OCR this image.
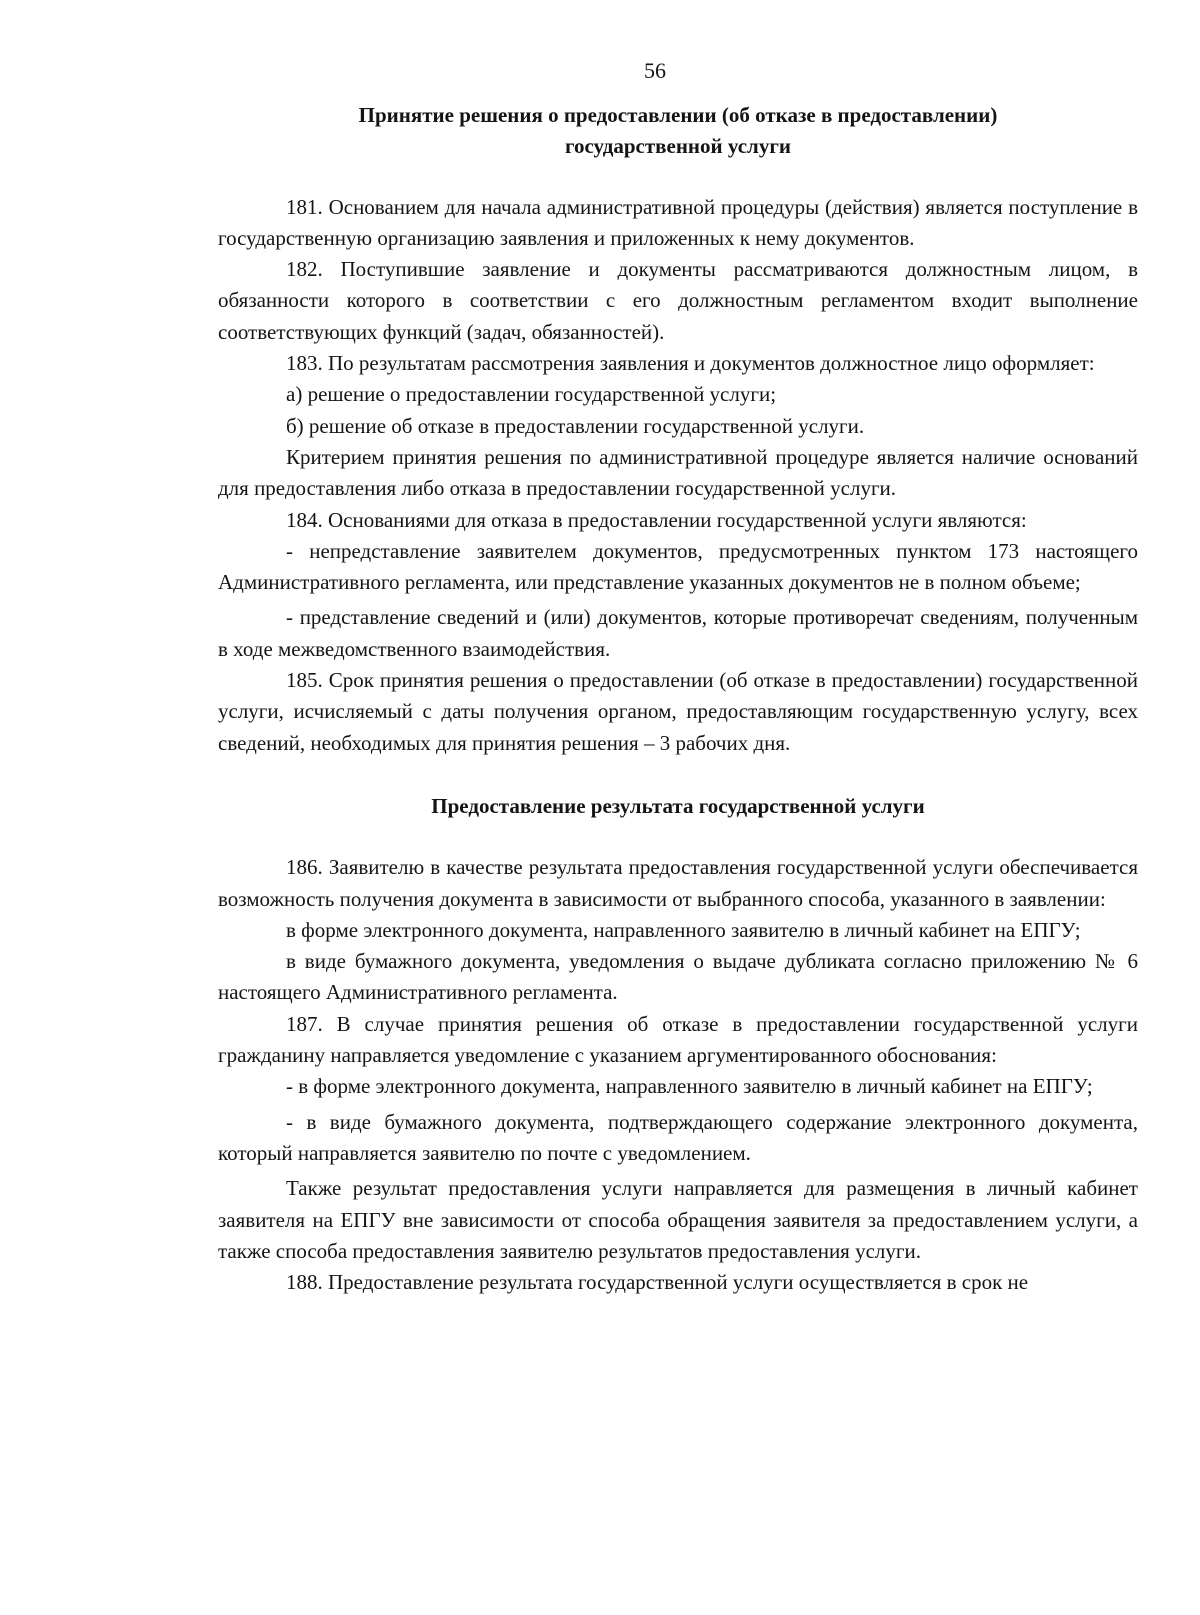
56
Принятие решения о предоставлении (об отказе в предоставлении)
государственной услуги

181. Основанием для начала административной процедуры (действия) является поступление в государственную организацию заявления и приложенных к нему документов.

182. Поступившие заявление и документы рассматриваются должностным лицом, в обязанности которого в соответствии с его должностным регламентом входит выполнение соответствующих функций (задач, обязанностей).

183. По результатам рассмотрения заявления и документов должностное лицо оформляет:

а) решение о предоставлении государственной услуги;

б) решение об отказе в предоставлении государственной услуги.

Критерием принятия решения по административной процедуре является наличие оснований для предоставления либо отказа в предоставлении государственной услуги.

184. Основаниями для отказа в предоставлении государственной услуги являются:

- непредставление заявителем документов, предусмотренных пунктом 173 настоящего Административного регламента, или представление указанных документов не в полном объеме;

- представление сведений и (или) документов, которые противоречат сведениям, полученным в ходе межведомственного взаимодействия.

185. Срок принятия решения о предоставлении (об отказе в предоставлении) государственной услуги, исчисляемый с даты получения органом, предоставляющим государственную услугу, всех сведений, необходимых для принятия решения – 3 рабочих дня.

Предоставление результата государственной услуги

186. Заявителю в качестве результата предоставления государственной услуги обеспечивается возможность получения документа в зависимости от выбранного способа, указанного в заявлении:

в форме электронного документа, направленного заявителю в личный кабинет на ЕПГУ;

в виде бумажного документа, уведомления о выдаче дубликата согласно приложению № 6 настоящего Административного регламента.

187. В случае принятия решения об отказе в предоставлении государственной услуги гражданину направляется уведомление с указанием аргументированного обоснования:

- в форме электронного документа, направленного заявителю в личный кабинет на ЕПГУ;

- в виде бумажного документа, подтверждающего содержание электронного документа, который направляется заявителю по почте с уведомлением.

Также результат предоставления услуги направляется для размещения в личный кабинет заявителя на ЕПГУ вне зависимости от способа обращения заявителя за предоставлением услуги, а также способа предоставления заявителю результатов предоставления услуги.

188. Предоставление результата государственной услуги осуществляется в срок не
